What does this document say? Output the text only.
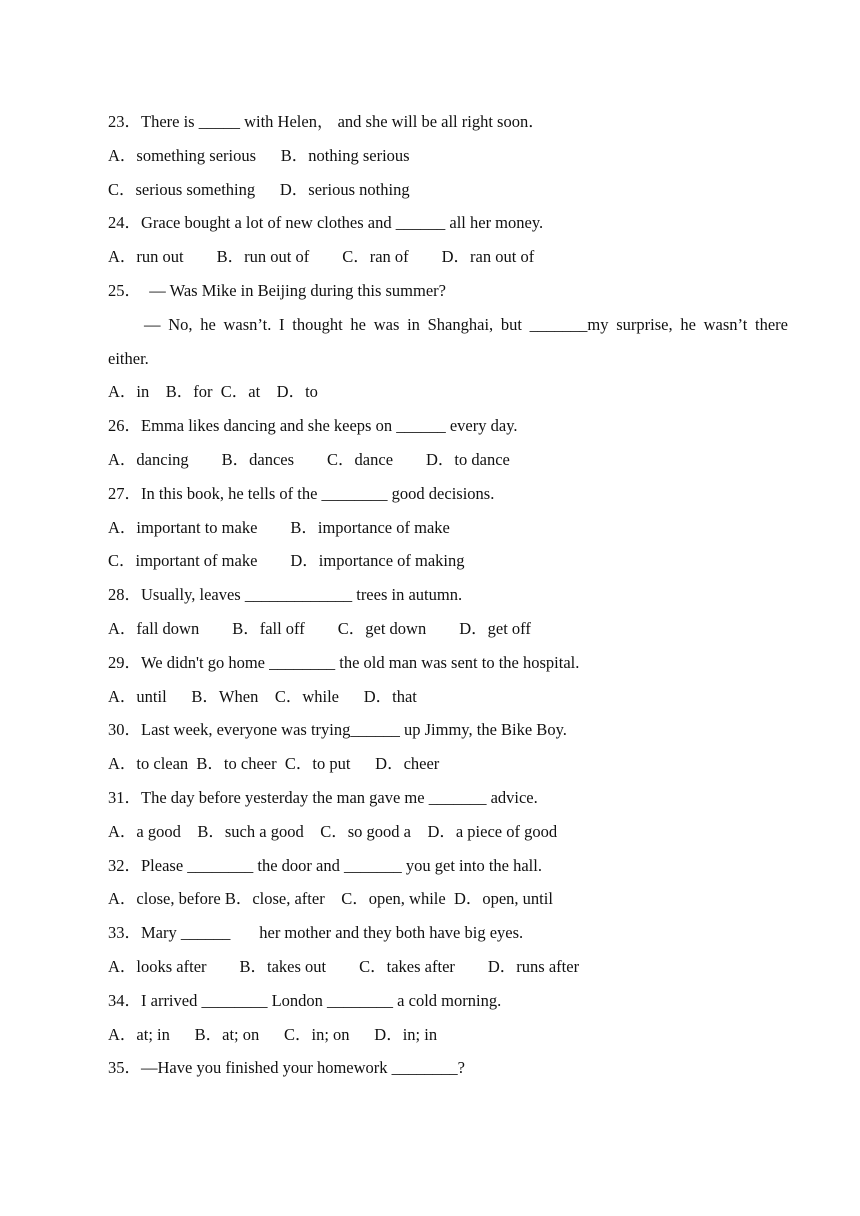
23．There is _____ with Helen， and she will be all right soon．
A．something serious      B．nothing serious
C．serious something      D．serious nothing
24．Grace bought a lot of new clothes and ______ all her money.
A．run out        B．run out of        C．ran of        D．ran out of
25．  — Was Mike in Beijing during this summer?
— No, he wasn’t. I thought he was in Shanghai, but _______my surprise, he wasn’t there
either.
A．in    B．for  C．at    D．to
26．Emma likes dancing and she keeps on ______ every day.
A．dancing        B．dances        C．dance        D．to dance
27．In this book, he tells of the ________ good decisions.
A．important to make        B．importance of make
C．important of make        D．importance of making
28．Usually, leaves _____________ trees in autumn.
A．fall down        B．fall off        C．get down        D．get off
29．We didn't go home ________ the old man was sent to the hospital.
A．until      B．When    C．while      D．that
30．Last week, everyone was trying______ up Jimmy, the Bike Boy.
A．to clean  B．to cheer  C．to put      D．cheer
31．The day before yesterday the man gave me _______ advice.
A．a good    B．such a good    C．so good a    D．a piece of good
32．Please ________ the door and _______ you get into the hall.
A．close, before B．close, after    C．open, while  D．open, until
33．Mary ______       her mother and they both have big eyes.
A．looks after        B．takes out        C．takes after        D．runs after
34．I arrived ________ London ________ a cold morning.
A．at; in      B．at; on      C．in; on      D．in; in
35．—Have you finished your homework ________?
